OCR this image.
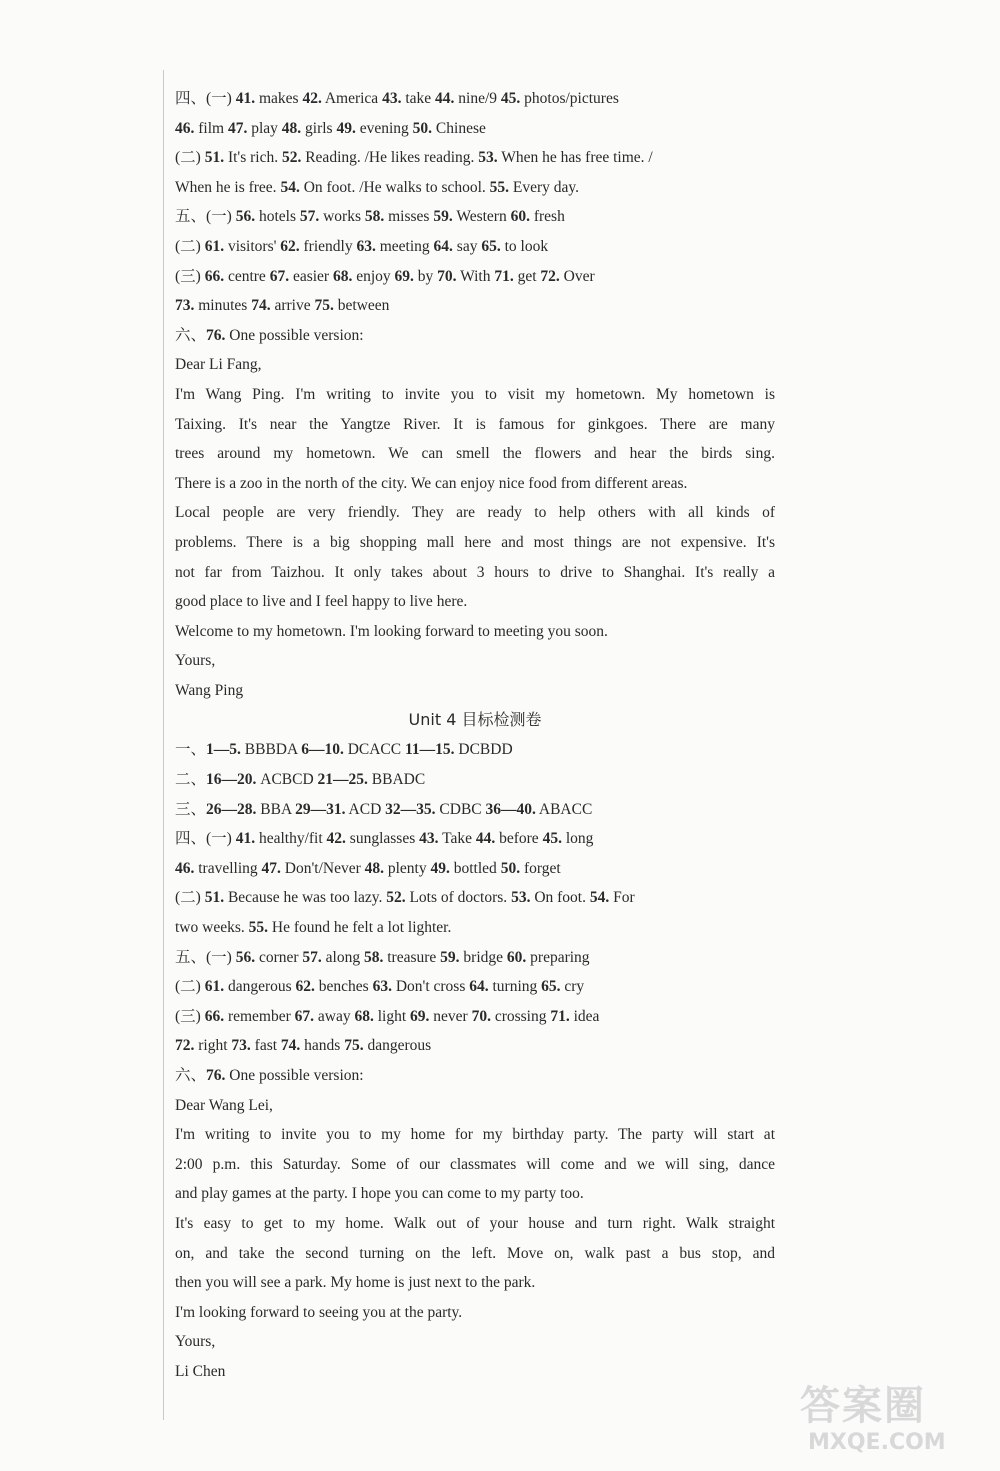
四、(一) 41. makes 42. America 43. take 44. nine/9 45. photos/pictures
46. film 47. play 48. girls 49. evening 50. Chinese
(二) 51. It's rich. 52. Reading. /He likes reading. 53. When he has free time. /
When he is free. 54. On foot. /He walks to school. 55. Every day.
五、(一) 56. hotels 57. works 58. misses 59. Western 60. fresh
(二) 61. visitors' 62. friendly 63. meeting 64. say 65. to look
(三) 66. centre 67. easier 68. enjoy 69. by 70. With 71. get 72. Over
73. minutes 74. arrive 75. between
六、76. One possible version:
Dear Li Fang,
I'm Wang Ping. I'm writing to invite you to visit my hometown. My hometown is
Taixing. It's near the Yangtze River. It is famous for ginkgoes. There are many
trees around my hometown. We can smell the flowers and hear the birds sing.
There is a zoo in the north of the city. We can enjoy nice food from different areas.
Local people are very friendly. They are ready to help others with all kinds of
problems. There is a big shopping mall here and most things are not expensive. It's
not far from Taizhou. It only takes about 3 hours to drive to Shanghai. It's really a
good place to live and I feel happy to live here.
Welcome to my hometown. I'm looking forward to meeting you soon.
Yours,
Wang Ping
Unit 4 目标检测卷
一、1—5. BBBDA 6—10. DCACC 11—15. DCBDD
二、16—20. ACBCD 21—25. BBADC
三、26—28. BBA 29—31. ACD 32—35. CDBC 36—40. ABACC
四、(一) 41. healthy/fit 42. sunglasses 43. Take 44. before 45. long
46. travelling 47. Don't/Never 48. plenty 49. bottled 50. forget
(二) 51. Because he was too lazy. 52. Lots of doctors. 53. On foot. 54. For
two weeks. 55. He found he felt a lot lighter.
五、(一) 56. corner 57. along 58. treasure 59. bridge 60. preparing
(二) 61. dangerous 62. benches 63. Don't cross 64. turning 65. cry
(三) 66. remember 67. away 68. light 69. never 70. crossing 71. idea
72. right 73. fast 74. hands 75. dangerous
六、76. One possible version:
Dear Wang Lei,
I'm writing to invite you to my home for my birthday party. The party will start at
2:00 p.m. this Saturday. Some of our classmates will come and we will sing, dance
and play games at the party. I hope you can come to my party too.
It's easy to get to my home. Walk out of your house and turn right. Walk straight
on, and take the second turning on the left. Move on, walk past a bus stop, and
then you will see a park. My home is just next to the park.
I'm looking forward to seeing you at the party.
Yours,
Li Chen
答案圈
MXQE.COM
